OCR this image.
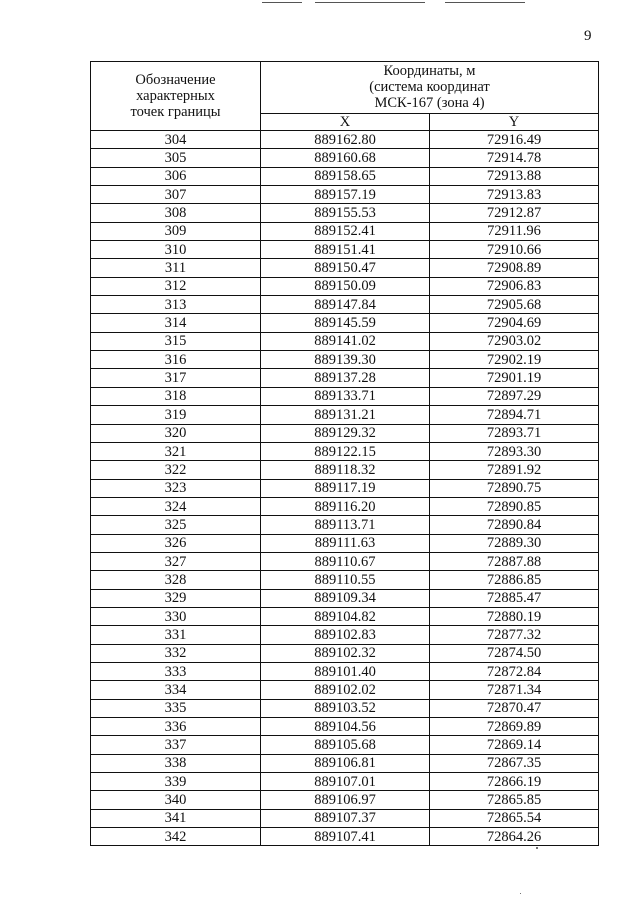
9
Обозначение
характерных
точек границы	Координаты, м
(система координат
МСК-167 (зона 4)	

	X	Y
304	889162.80	72916.49
305	889160.68	72914.78
306	889158.65	72913.88
307	889157.19	72913.83
308	889155.53	72912.87
309	889152.41	72911.96
310	889151.41	72910.66
311	889150.47	72908.89
312	889150.09	72906.83
313	889147.84	72905.68
314	889145.59	72904.69
315	889141.02	72903.02
316	889139.30	72902.19
317	889137.28	72901.19
318	889133.71	72897.29
319	889131.21	72894.71
320	889129.32	72893.71
321	889122.15	72893.30
322	889118.32	72891.92
323	889117.19	72890.75
324	889116.20	72890.85
325	889113.71	72890.84
326	889111.63	72889.30
327	889110.67	72887.88
328	889110.55	72886.85
329	889109.34	72885.47
330	889104.82	72880.19
331	889102.83	72877.32
332	889102.32	72874.50
333	889101.40	72872.84
334	889102.02	72871.34
335	889103.52	72870.47
336	889104.56	72869.89
337	889105.68	72869.14
338	889106.81	72867.35
339	889107.01	72866.19
340	889106.97	72865.85
341	889107.37	72865.54
342	889107.41	72864.26
